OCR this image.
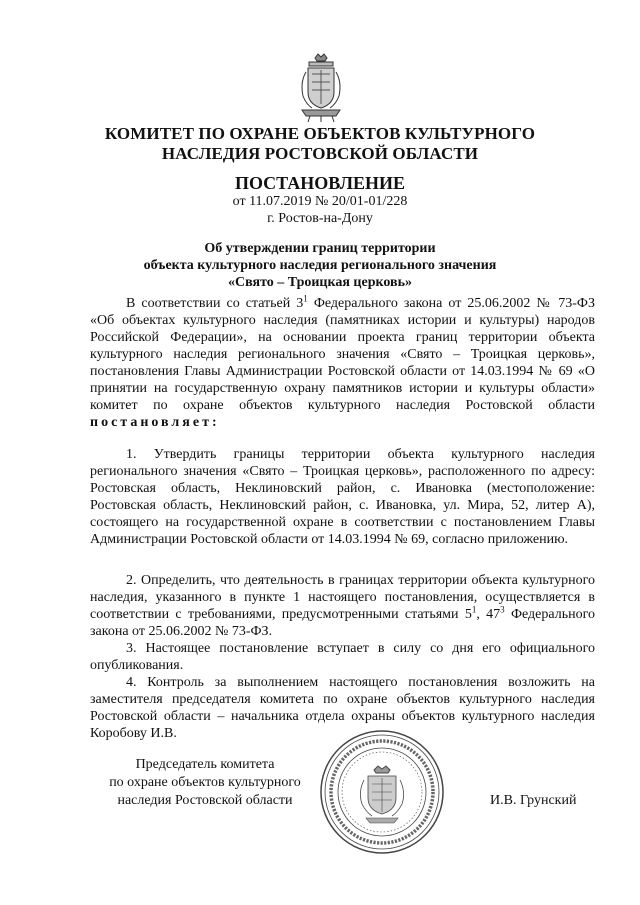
КОМИТЕТ ПО ОХРАНЕ ОБЪЕКТОВ КУЛЬТУРНОГО
НАСЛЕДИЯ РОСТОВСКОЙ ОБЛАСТИ
ПОСТАНОВЛЕНИЕ
от 11.07.2019 № 20/01-01/228
г. Ростов-на-Дону
Об утверждении границ территории
объекта культурного наследия регионального значения
«Свято – Троицкая церковь»
В соответствии со статьей $3^1$ Федерального закона от 25.06.2002 № 73-ФЗ «Об объектах культурного наследия (памятниках истории и культуры) народов Российской Федерации», на основании проекта границ территории объекта культурного наследия регионального значения «Свято – Троицкая церковь», постановления Главы Администрации Ростовской области от 14.03.1994 № 69 «О принятии на государственную охрану памятников истории и культуры области» комитет по охране объектов культурного наследия Ростовской области постановляет:
1. Утвердить границы территории объекта культурного наследия регионального значения «Свято – Троицкая церковь», расположенного по адресу: Ростовская область, Неклиновский район, с. Ивановка (местоположение: Ростовская область, Неклиновский район, с. Ивановка, ул. Мира, 52, литер А), состоящего на государственной охране в соответствии с постановлением Главы Администрации Ростовской области от 14.03.1994 № 69, согласно приложению.
2. Определить, что деятельность в границах территории объекта культурного наследия, указанного в пункте 1 настоящего постановления, осуществляется в соответствии с требованиями, предусмотренными статьями $5^1$, $47^3$ Федерального закона от 25.06.2002 № 73-ФЗ.
3. Настоящее постановление вступает в силу со дня его официального опубликования.
4. Контроль за выполнением настоящего постановления возложить на заместителя председателя комитета по охране объектов культурного наследия Ростовской области – начальника отдела охраны объектов культурного наследия Коробову И.В.
Председатель комитета
по охране объектов культурного
наследия Ростовской области	И.В. Грунский
